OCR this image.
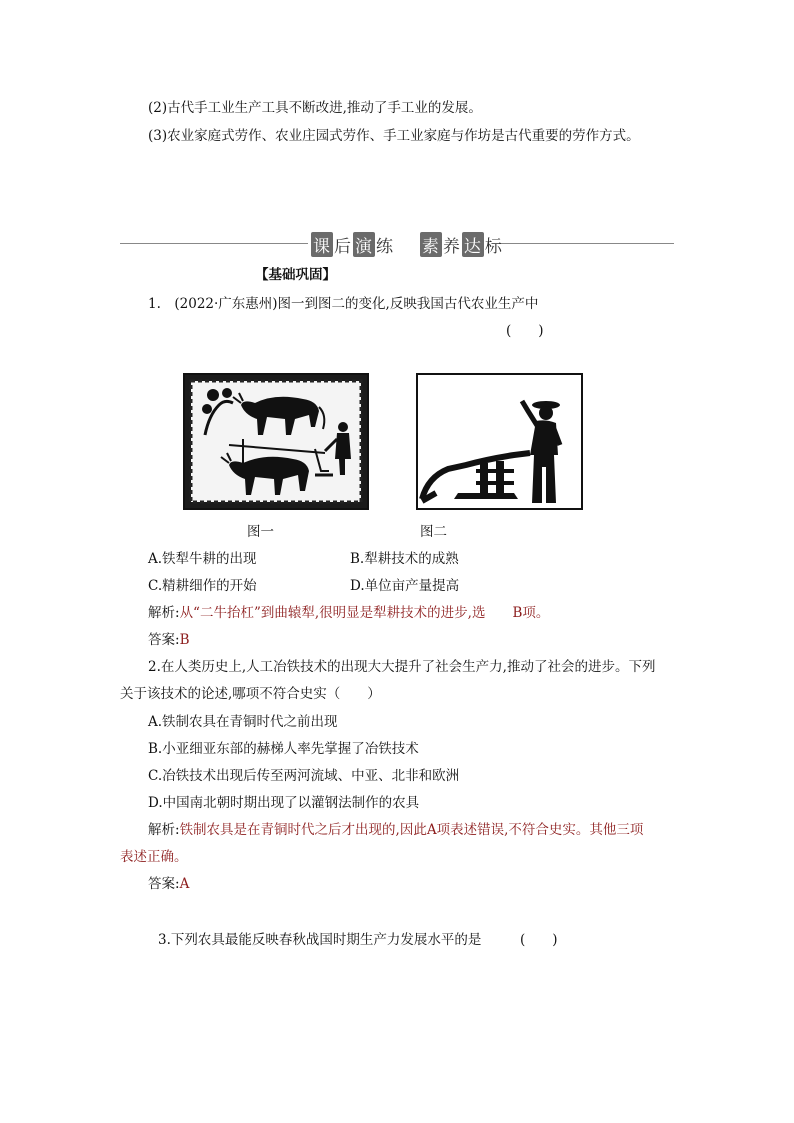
(2)古代手工业生产工具不断改进,推动了手工业的发展。
(3)农业家庭式劳作、农业庄园式劳作、手工业家庭与作坊是古代重要的劳作方式。
课 后 演 练 素 养 达 标
【基础巩固】
1.　(2022·广东惠州)图一到图二的变化,反映我国古代农业生产中
(　　)
图一	图二
A.铁犁牛耕的出现	B.犁耕技术的成熟
C.精耕细作的开始	D.单位亩产量提高
解析:从“二牛抬杠”到曲辕犁,很明显是犁耕技术的进步,选　　B项。
答案:B
2.在人类历史上,人工冶铁技术的出现大大提升了社会生产力,推动了社会的进步。下列
关于该技术的论述,哪项不符合史实（　　）
A.铁制农具在青铜时代之前出现
B.小亚细亚东部的赫梯人率先掌握了冶铁技术
C.冶铁技术出现后传至两河流域、中亚、北非和欧洲
D.中国南北朝时期出现了以灌钢法制作的农具
解析:铁制农具是在青铜时代之后才出现的,因此A项表述错误,不符合史实。其他三项
表述正确。
答案:A
3.下列农具最能反映春秋战国时期生产力发展水平的是	(　　)
